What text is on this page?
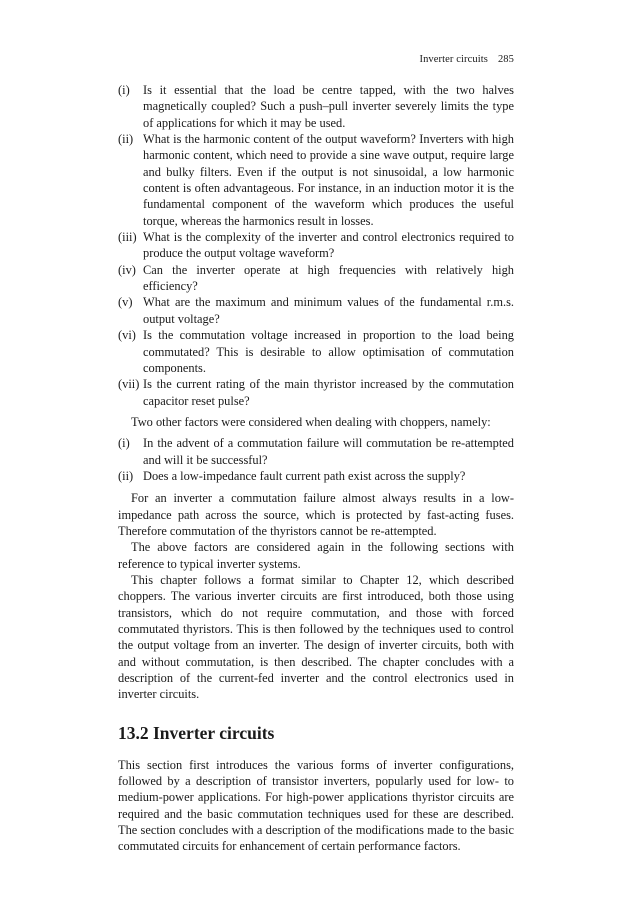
Inverter circuits 285
(i) Is it essential that the load be centre tapped, with the two halves magnetically coupled? Such a push–pull inverter severely limits the type of applications for which it may be used.
(ii) What is the harmonic content of the output waveform? Inverters with high harmonic content, which need to provide a sine wave output, require large and bulky filters. Even if the output is not sinusoidal, a low harmonic content is often advantageous. For instance, in an induction motor it is the fundamental component of the waveform which produces the useful torque, whereas the harmonics result in losses.
(iii) What is the complexity of the inverter and control electronics required to produce the output voltage waveform?
(iv) Can the inverter operate at high frequencies with relatively high efficiency?
(v) What are the maximum and minimum values of the fundamental r.m.s. output voltage?
(vi) Is the commutation voltage increased in proportion to the load being commutated? This is desirable to allow optimisation of commutation components.
(vii) Is the current rating of the main thyristor increased by the commutation capacitor reset pulse?

Two other factors were considered when dealing with choppers, namely:

(i) In the advent of a commutation failure will commutation be re-attempted and will it be successful?
(ii) Does a low-impedance fault current path exist across the supply?

For an inverter a commutation failure almost always results in a low-impedance path across the source, which is protected by fast-acting fuses. Therefore commutation of the thyristors cannot be re-attempted.

The above factors are considered again in the following sections with reference to typical inverter systems.

This chapter follows a format similar to Chapter 12, which described choppers. The various inverter circuits are first introduced, both those using transistors, which do not require commutation, and those with forced commutated thyristors. This is then followed by the techniques used to control the output voltage from an inverter. The design of inverter circuits, both with and without commutation, is then described. The chapter concludes with a description of the current-fed inverter and the control electronics used in inverter circuits.

13.2 Inverter circuits

This section first introduces the various forms of inverter configurations, followed by a description of transistor inverters, popularly used for low- to medium-power applications. For high-power applications thyristor circuits are required and the basic commutation techniques used for these are described. The section concludes with a description of the modifications made to the basic commutated circuits for enhancement of certain performance factors.
